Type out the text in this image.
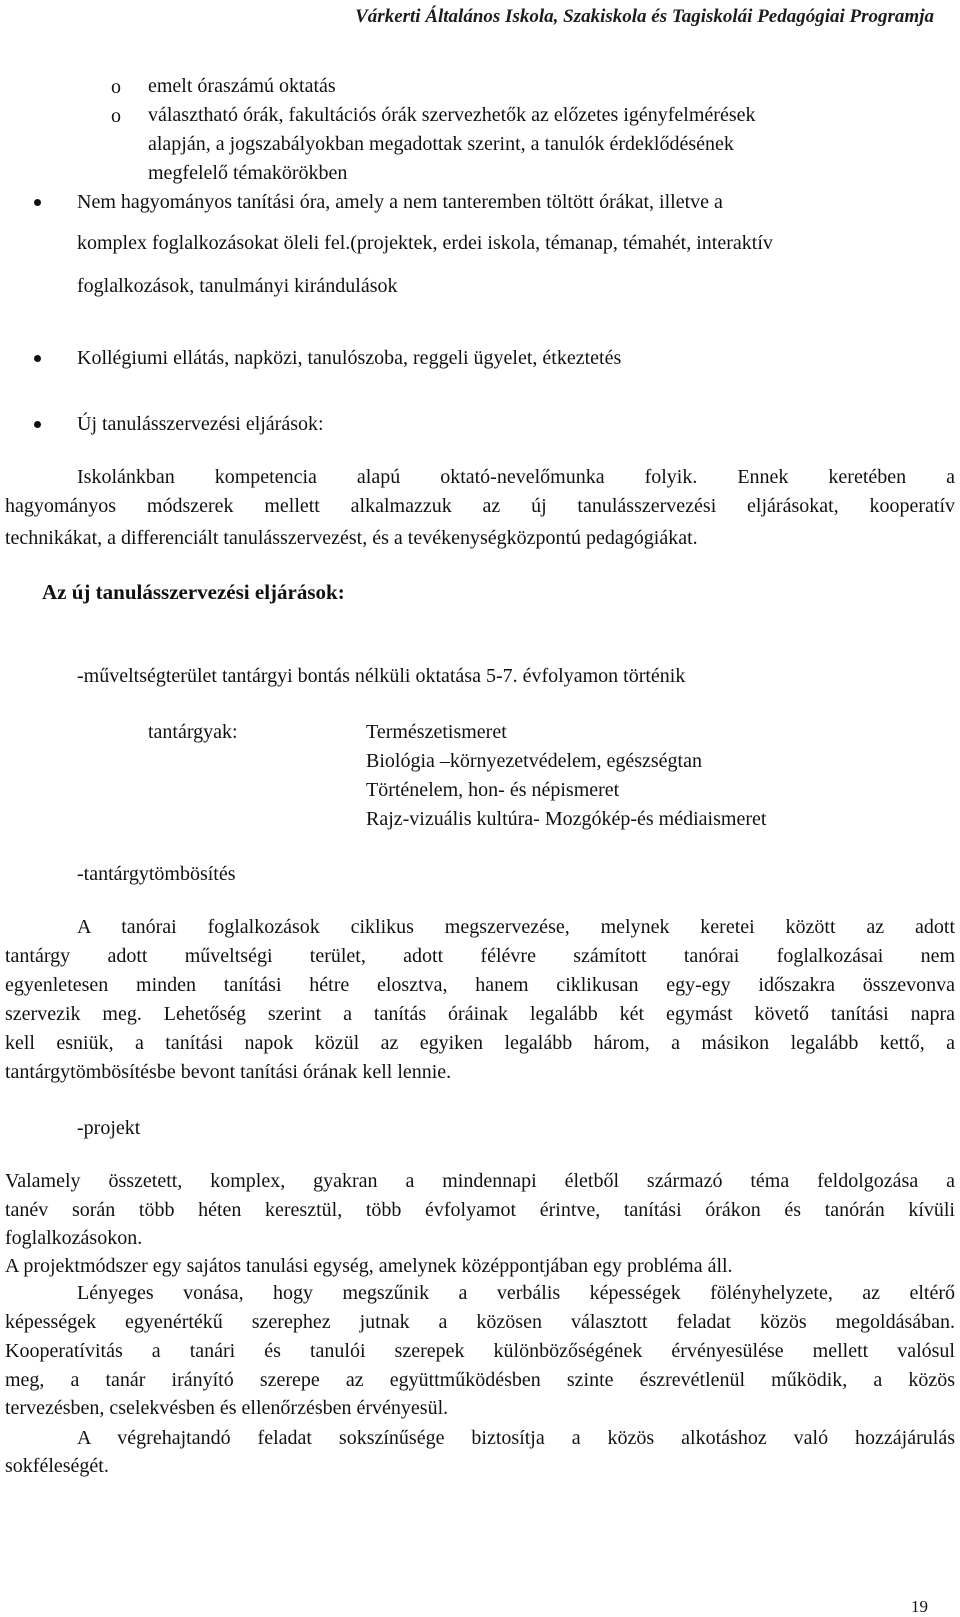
Várkerti Általános Iskola, Szakiskola és Tagiskolái Pedagógiai Programja
o emelt óraszámú oktatás
o választható órák, fakultációs órák szervezhetők az előzetes igényfelmérések
alapján, a jogszabályokban megadottak szerint, a tanulók érdeklődésének
megfelelő témakörökben
Nem hagyományos tanítási óra, amely a nem tanteremben töltött órákat, illetve a
komplex foglalkozásokat öleli fel.(projektek, erdei iskola, témanap, témahét, interaktív
foglalkozások, tanulmányi kirándulások
Kollégiumi ellátás, napközi, tanulószoba, reggeli ügyelet, étkeztetés
Új tanulásszervezési eljárások:
Iskolánkban kompetencia alapú oktató-nevelőmunka folyik. Ennek keretében a
hagyományos módszerek mellett alkalmazzuk az új tanulásszervezési eljárásokat, kooperatív
technikákat, a differenciált tanulásszervezést, és a tevékenységközpontú pedagógiákat.
Az új tanulásszervezési eljárások:
-műveltségterület tantárgyi bontás nélküli oktatása 5-7. évfolyamon történik
tantárgyak:	Természetismeret
Biológia –környezetvédelem, egészségtan
Történelem, hon- és népismeret
Rajz-vizuális kultúra- Mozgókép-és médiaismeret
-tantárgytömbösítés
A tanórai foglalkozások ciklikus megszervezése, melynek keretei között az adott
tantárgy adott műveltségi terület, adott félévre számított tanórai foglalkozásai nem
egyenletesen minden tanítási hétre elosztva, hanem ciklikusan egy-egy időszakra összevonva
szervezik meg. Lehetőség szerint a tanítás óráinak legalább két egymást követő tanítási napra
kell esniük, a tanítási napok közül az egyiken legalább három, a másikon legalább kettő, a
tantárgytömbösítésbe bevont tanítási órának kell lennie.
-projekt
Valamely összetett, komplex, gyakran a mindennapi életből származó téma feldolgozása a
tanév során több héten keresztül, több évfolyamot érintve, tanítási órákon és tanórán kívüli
foglalkozásokon.
A projektmódszer egy sajátos tanulási egység, amelynek középpontjában egy probléma áll.
Lényeges vonása, hogy megszűnik a verbális képességek fölényhelyzete, az eltérő
képességek egyenértékű szerephez jutnak a közösen választott feladat közös megoldásában.
Kooperatívitás a tanári és tanulói szerepek különbözőségének érvényesülése mellett valósul
meg, a tanár irányító szerepe az együttműködésben szinte észrevétlenül működik, a közös
tervezésben, cselekvésben és ellenőrzésben érvényesül.
A végrehajtandó feladat sokszínűsége biztosítja a közös alkotáshoz való hozzájárulás
sokféleségét.
19
